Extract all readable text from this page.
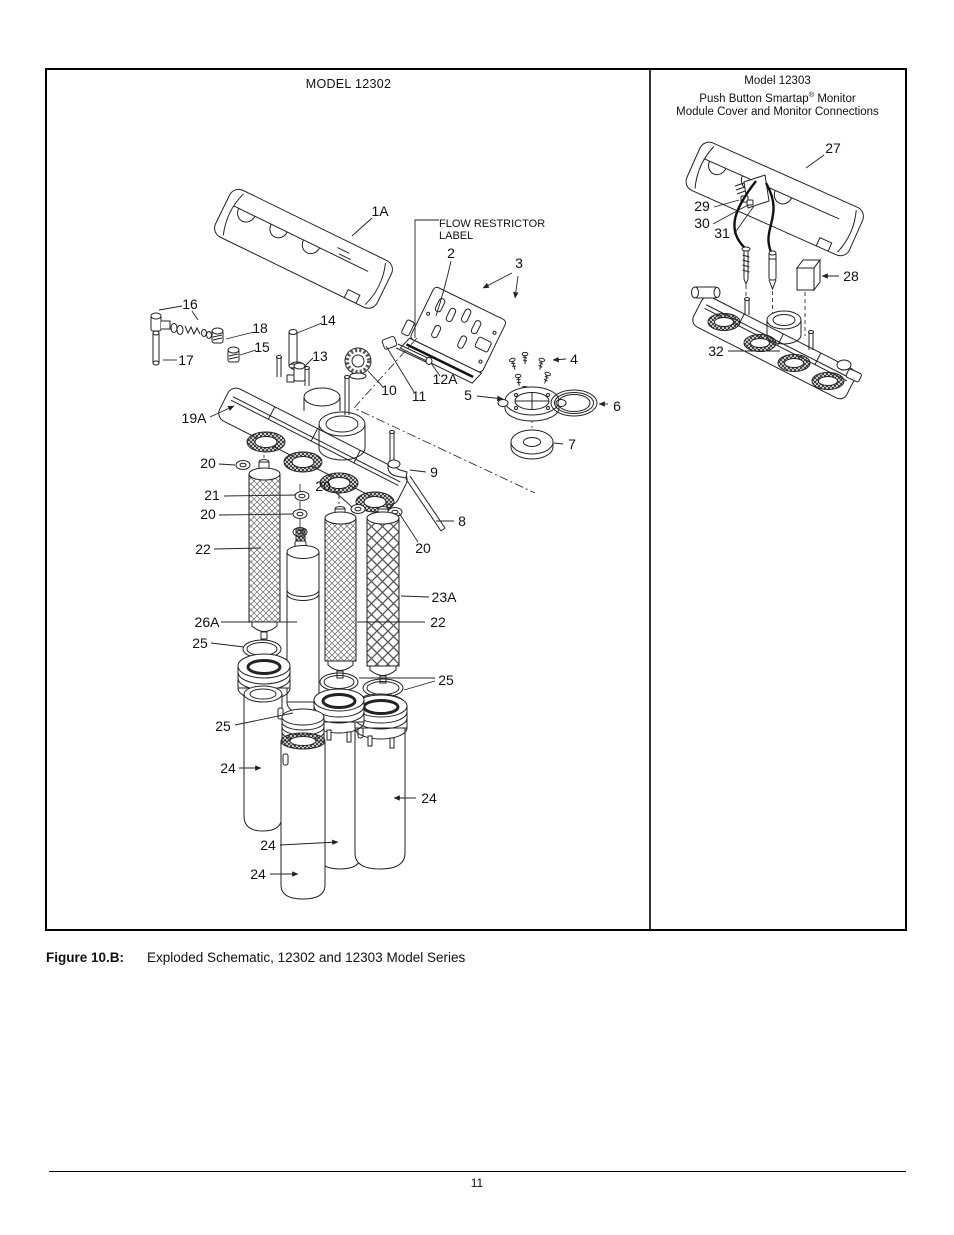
1A
FLOW RESTRICTOR
LABEL
2
3
16
18	14
15
13
17
10
12A
11
4
5
6
7
19A
20
9
21
20
20	8
22	20
23A
26A	22
25
25
25
24
24
24
24
27
29
30
31
28
32
MODEL 12302	Model 12303
Push Button Smartap® Monitor
Module Cover and Monitor Connections
Figure 10.B: Exploded Schematic, 12302 and 12303 Model Series
11
